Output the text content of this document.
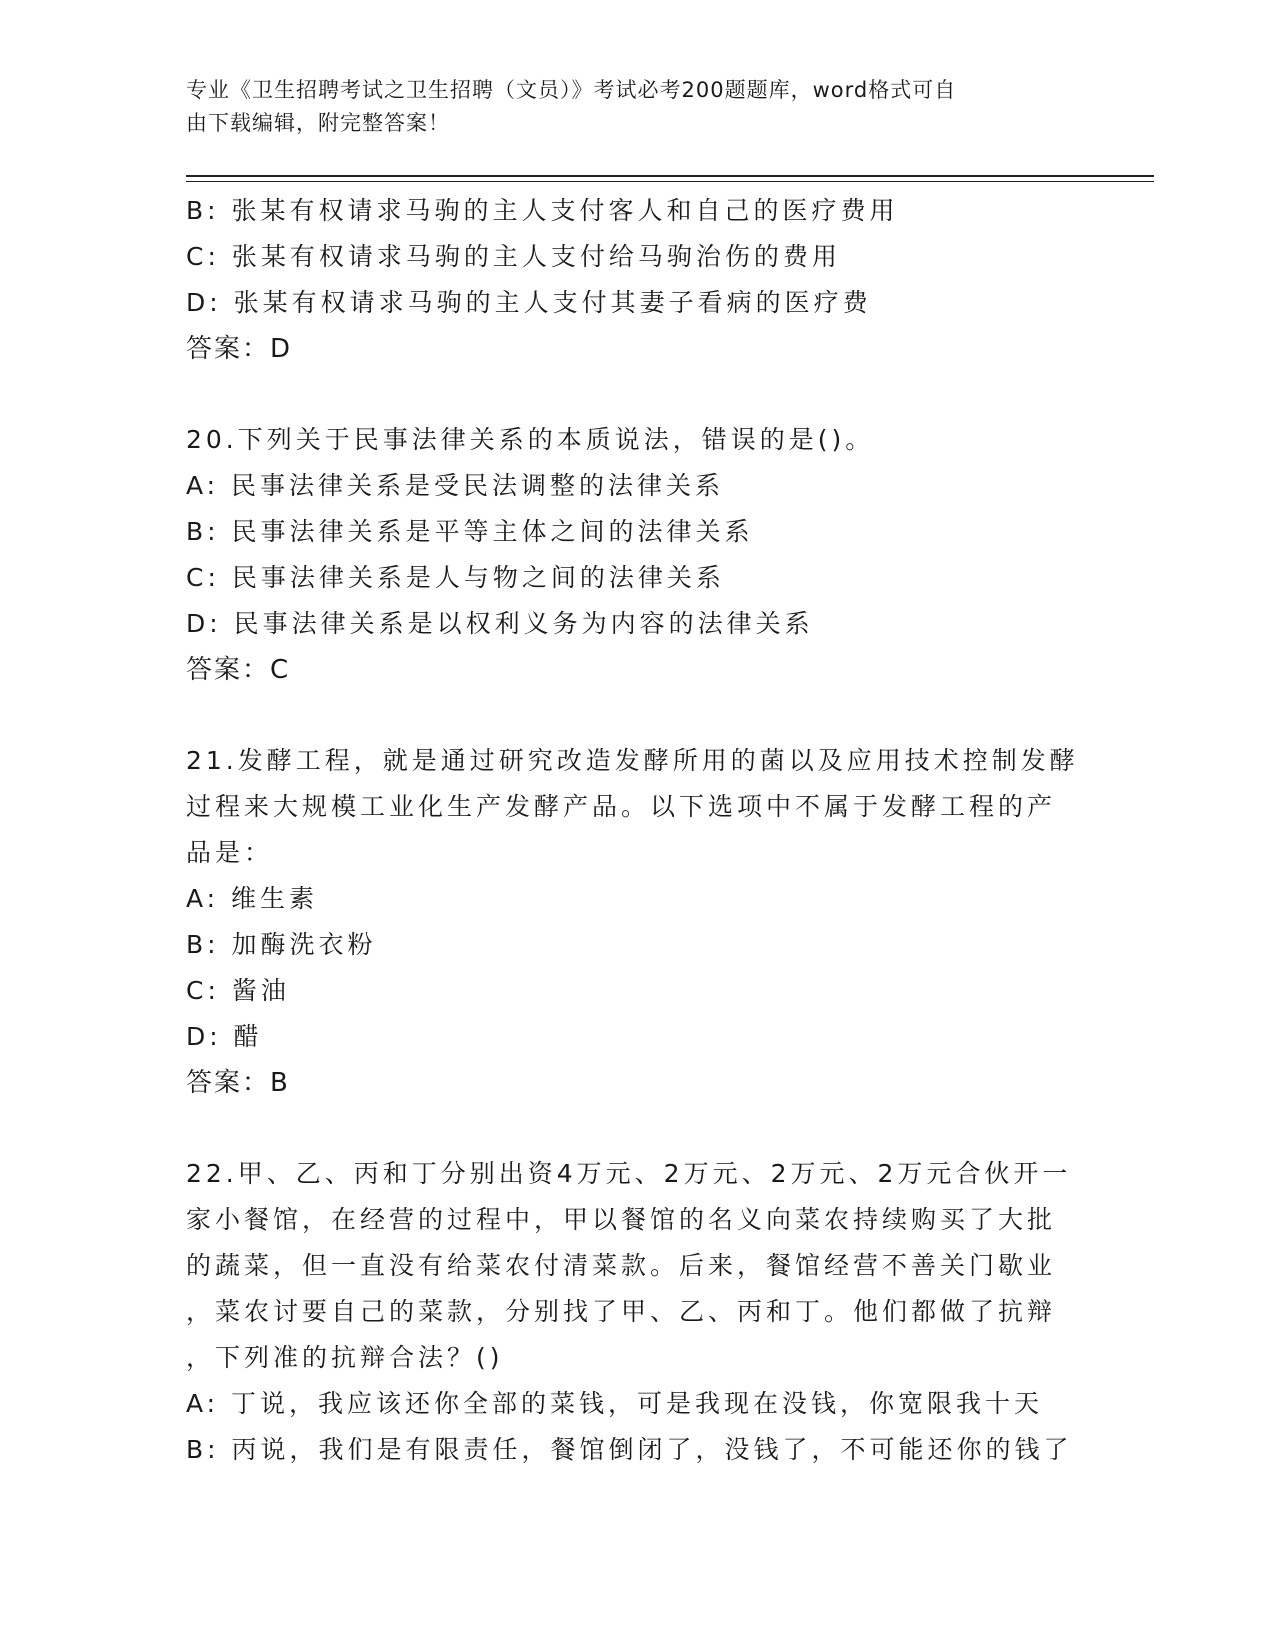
专业《卫生招聘考试之卫生招聘（文员）》考试必考200题题库，word格式可自
由下载编辑，附完整答案！
B: 张某有权请求马驹的主人支付客人和自己的医疗费用
C: 张某有权请求马驹的主人支付给马驹治伤的费用
D: 张某有权请求马驹的主人支付其妻子看病的医疗费
答案：D
20.下列关于民事法律关系的本质说法，错误的是()。
A: 民事法律关系是受民法调整的法律关系
B: 民事法律关系是平等主体之间的法律关系
C: 民事法律关系是人与物之间的法律关系
D: 民事法律关系是以权利义务为内容的法律关系
答案：C
21.发酵工程，就是通过研究改造发酵所用的菌以及应用技术控制发酵
过程来大规模工业化生产发酵产品。以下选项中不属于发酵工程的产
品是：
A: 维生素
B: 加酶洗衣粉
C: 酱油
D: 醋
答案：B
22.甲、乙、丙和丁分别出资4万元、2万元、2万元、2万元合伙开一
家小餐馆，在经营的过程中，甲以餐馆的名义向菜农持续购买了大批
的蔬菜，但一直没有给菜农付清菜款。后来，餐馆经营不善关门歇业
，菜农讨要自己的菜款，分别找了甲、乙、丙和丁。他们都做了抗辩
，下列准的抗辩合法？()
A: 丁说，我应该还你全部的菜钱，可是我现在没钱，你宽限我十天
B: 丙说，我们是有限责任，餐馆倒闭了，没钱了，不可能还你的钱了
